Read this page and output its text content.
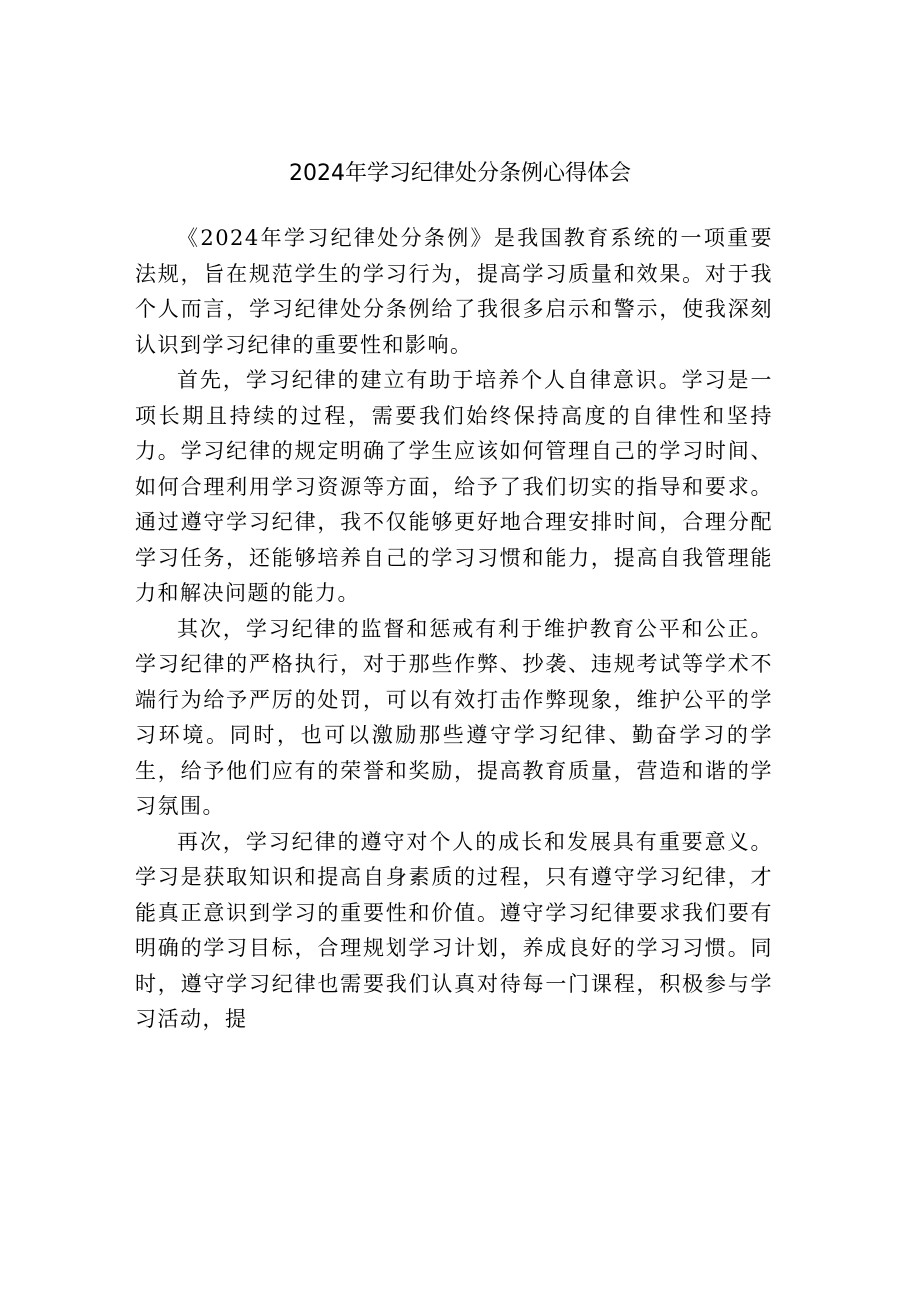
2024年学习纪律处分条例心得体会

《2024年学习纪律处分条例》是我国教育系统的一项重要法规，旨在规范学生的学习行为，提高学习质量和效果。对于我个人而言，学习纪律处分条例给了我很多启示和警示，使我深刻认识到学习纪律的重要性和影响。

首先，学习纪律的建立有助于培养个人自律意识。学习是一项长期且持续的过程，需要我们始终保持高度的自律性和坚持力。学习纪律的规定明确了学生应该如何管理自己的学习时间、如何合理利用学习资源等方面，给予了我们切实的指导和要求。通过遵守学习纪律，我不仅能够更好地合理安排时间，合理分配学习任务，还能够培养自己的学习习惯和能力，提高自我管理能力和解决问题的能力。

其次，学习纪律的监督和惩戒有利于维护教育公平和公正。学习纪律的严格执行，对于那些作弊、抄袭、违规考试等学术不端行为给予严厉的处罚，可以有效打击作弊现象，维护公平的学习环境。同时，也可以激励那些遵守学习纪律、勤奋学习的学生，给予他们应有的荣誉和奖励，提高教育质量，营造和谐的学习氛围。

再次，学习纪律的遵守对个人的成长和发展具有重要意义。学习是获取知识和提高自身素质的过程，只有遵守学习纪律，才能真正意识到学习的重要性和价值。遵守学习纪律要求我们要有明确的学习目标，合理规划学习计划，养成良好的学习习惯。同时，遵守学习纪律也需要我们认真对待每一门课程，积极参与学习活动，提
